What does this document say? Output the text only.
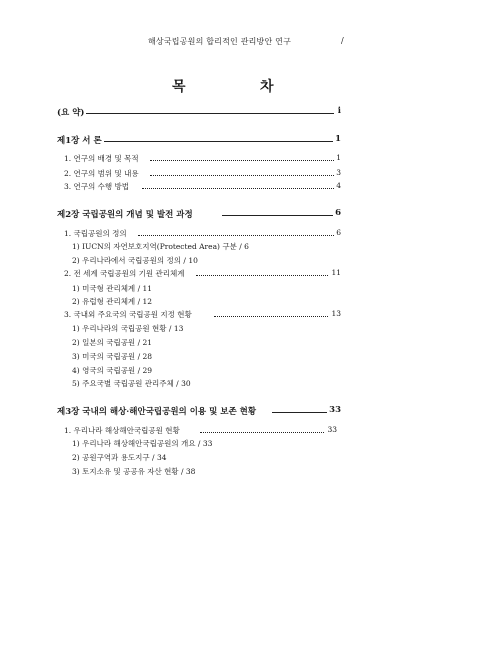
해상국립공원의 합리적인 관리방안 연구	/
목	차
(요 약)	i
제1장 서 론	1
1. 연구의 배경 및 목적	1
2. 연구의 범위 및 내용	3
3. 연구의 수행 방법	4
제2장 국립공원의 개념 및 발전 과정	6
1. 국립공원의 정의	6
1) IUCN의 자연보호지역(Protected Area) 구분 / 6
2) 우리나라에서 국립공원의 정의 / 10
2. 전 세계 국립공원의 기원 관리체계	11
1) 미국형 관리체계 / 11
2) 유럽형 관리체계 / 12
3. 국내외 주요국의 국립공원 지정 현황	13
1) 우리나라의 국립공원 현황 / 13
2) 일본의 국립공원 / 21
3) 미국의 국립공원 / 28
4) 영국의 국립공원 / 29
5) 주요국별 국립공원 관리주체 / 30
제3장 국내의 해상·해안국립공원의 이용 및 보존 현황	33
1. 우리나라 해상해안국립공원 현황	33
1) 우리나라 해상해안국립공원의 개요 / 33
2) 공원구역과 용도지구 / 34
3) 토지소유 및 공공유 자산 현황 / 38
